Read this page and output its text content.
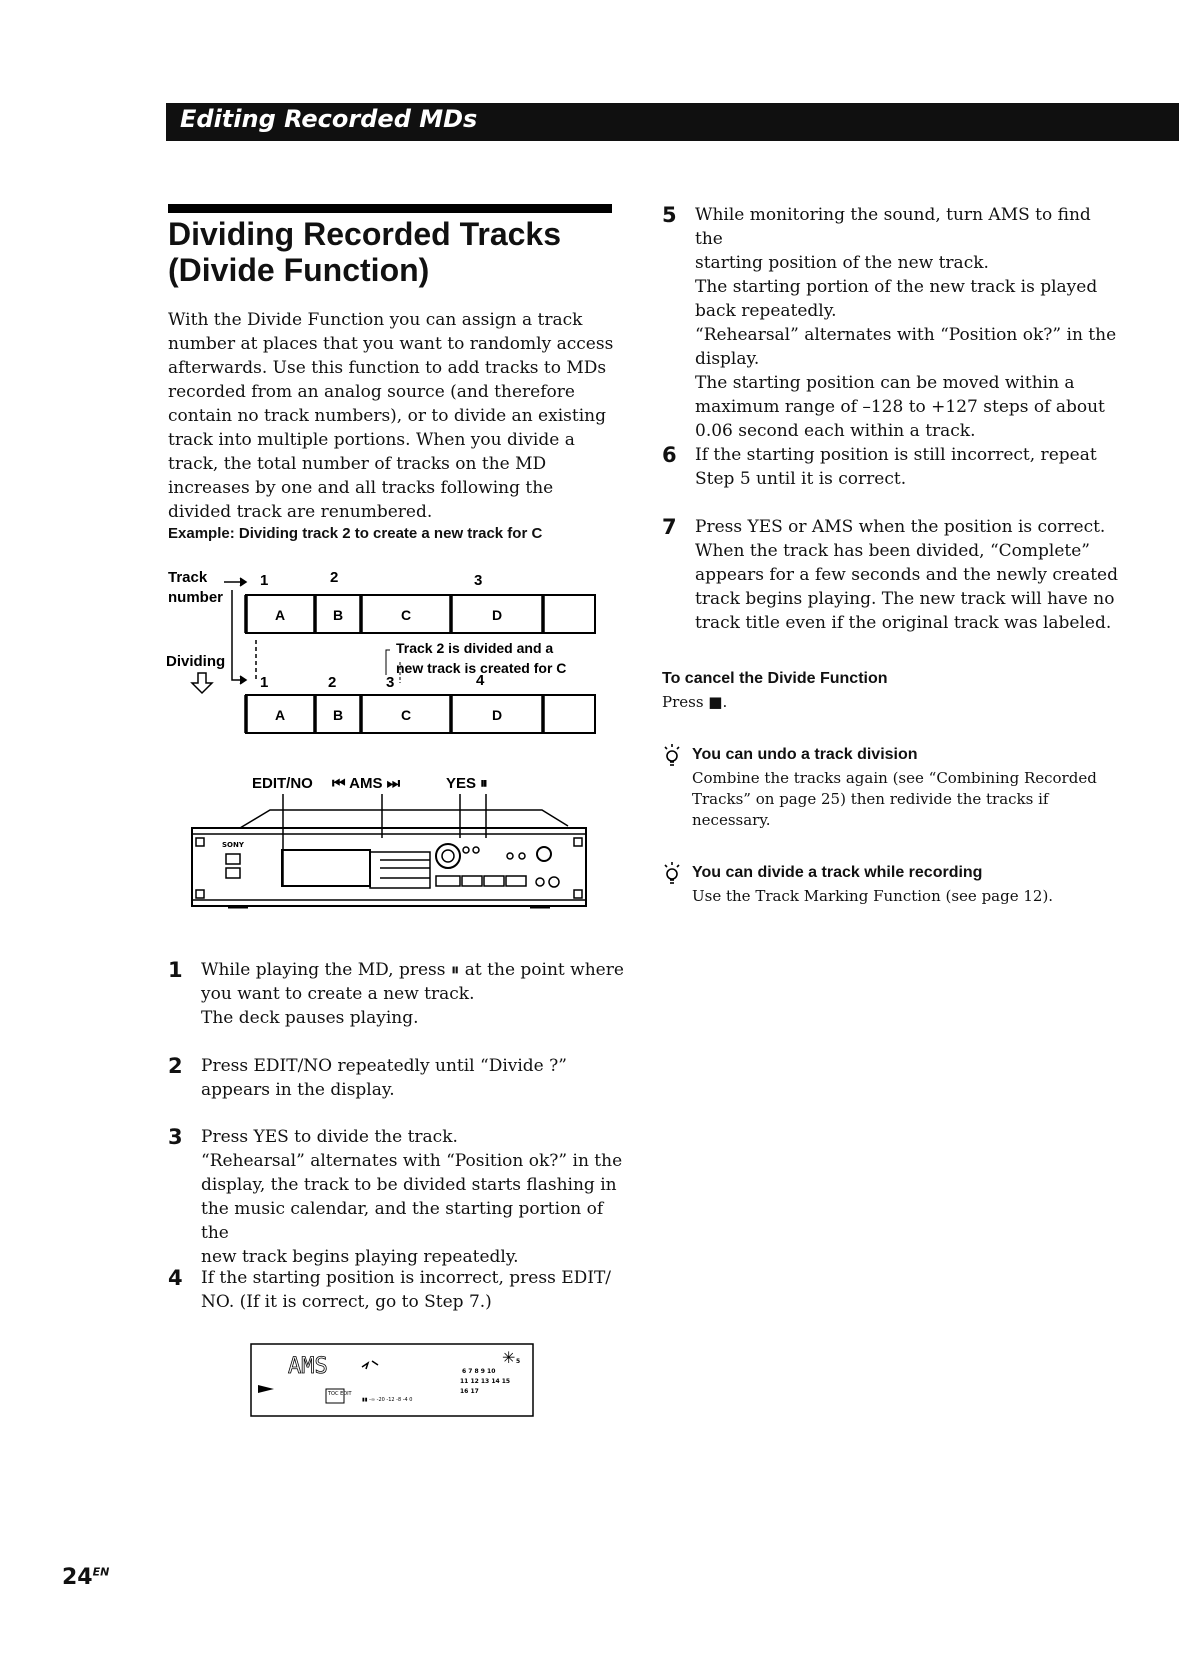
Editing Recorded MDs
Dividing Recorded Tracks
(Divide Function)
With the Divide Function you can assign a track number at places that you want to randomly access afterwards. Use this function to add tracks to MDs recorded from an analog source (and therefore contain no track numbers), or to divide an existing track into multiple portions. When you divide a track, the total number of tracks on the MD increases by one and all tracks following the divided track are renumbered.
Example: Dividing track 2 to create a new track for C
Track
number
Dividing
1	2	3
1	2	3	4
Track 2 is divided and a
new track is created for C
A	B	C	D
A	B	C	D
EDIT/NO ⏮ AMS ⏭	YES ⏸
SONY
1 While playing the MD, press ⏸ at the point where
you want to create a new track.
The deck pauses playing.
2 Press EDIT/NO repeatedly until “Divide ?”
appears in the display.
3 Press YES to divide the track.
“Rehearsal” alternates with “Position ok?” in the
display, the track to be divided starts flashing in
the music calendar, and the starting portion of the
new track begins playing repeatedly.
4 If the starting position is incorrect, press EDIT/
NO. (If it is correct, go to Step 7.)
AMS
TOC EDIT
▮▮ -∞ -20 -12 -8 -4 0
6 7 8 9 10
11 12 13 14 15
16 17
5
✳
5 While monitoring the sound, turn AMS to find the
starting position of the new track.
The starting portion of the new track is played
back repeatedly.
“Rehearsal” alternates with “Position ok?” in the
display.
The starting position can be moved within a
maximum range of –128 to +127 steps of about
0.06 second each within a track.
6 If the starting position is still incorrect, repeat
Step 5 until it is correct.
7 Press YES or AMS when the position is correct.
When the track has been divided, “Complete”
appears for a few seconds and the newly created
track begins playing. The new track will have no
track title even if the original track was labeled.
To cancel the Divide Function
Press ■.
You can undo a track division
Combine the tracks again (see “Combining Recorded
Tracks” on page 25) then redivide the tracks if
necessary.
You can divide a track while recording
Use the Track Marking Function (see page 12).
$24^{EN}$
